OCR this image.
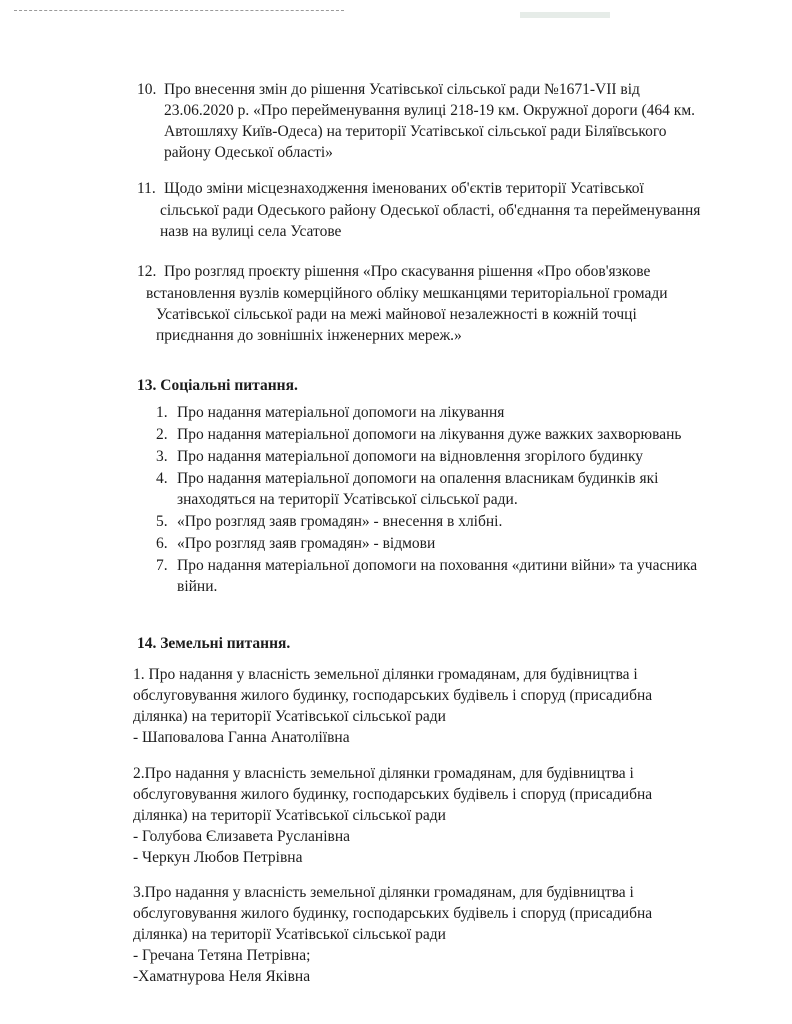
10. Про внесення змін до рішення Усатівської сільської ради №1671-VІІ від
23.06.2020 р. «Про перейменування вулиці 218-19 км. Окружної дороги (464 км.
Автошляху Київ-Одеса) на території Усатівської сільської ради Біляївського
району Одеської області»
11. Щодо зміни місцезнаходження іменованих об'єктів території Усатівської
сільської ради Одеського району Одеської області, об'єднання та перейменування
назв на вулиці села Усатове
12. Про розгляд проєкту рішення «Про скасування рішення «Про обов'язкове
встановлення вузлів комерційного обліку мешканцями територіальної громади
Усатівської сільської ради на межі майнової незалежності в кожній точці
приєднання до зовнішніх інженерних мереж.»
13. Соціальні питання.
1. Про надання матеріальної допомоги на лікування
2. Про надання матеріальної допомоги на лікування дуже важких захворювань
3. Про надання матеріальної допомоги на відновлення згорілого будинку
4. Про надання матеріальної допомоги на опалення власникам будинків які
знаходяться на території Усатівської сільської ради.
5. «Про розгляд заяв громадян» - внесення в хлібні.
6. «Про розгляд заяв громадян» - відмови
7. Про надання матеріальної допомоги на поховання «дитини війни» та учасника
війни.
14. Земельні питання.
1. Про надання у власність земельної ділянки громадянам, для будівництва і
обслуговування жилого будинку, господарських будівель і споруд (присадибна
ділянка) на території Усатівської сільської ради
- Шаповалова Ганна Анатоліївна
2.Про надання у власність земельної ділянки громадянам, для будівництва і
обслуговування жилого будинку, господарських будівель і споруд (присадибна
ділянка) на території Усатівської сільської ради
- Голубова Єлизавета Русланівна
- Черкун Любов Петрівна
3.Про надання у власність земельної ділянки громадянам, для будівництва і
обслуговування жилого будинку, господарських будівель і споруд (присадибна
ділянка) на території Усатівської сільської ради
- Гречана Тетяна Петрівна;
-Хаматнурова Неля Яківна
